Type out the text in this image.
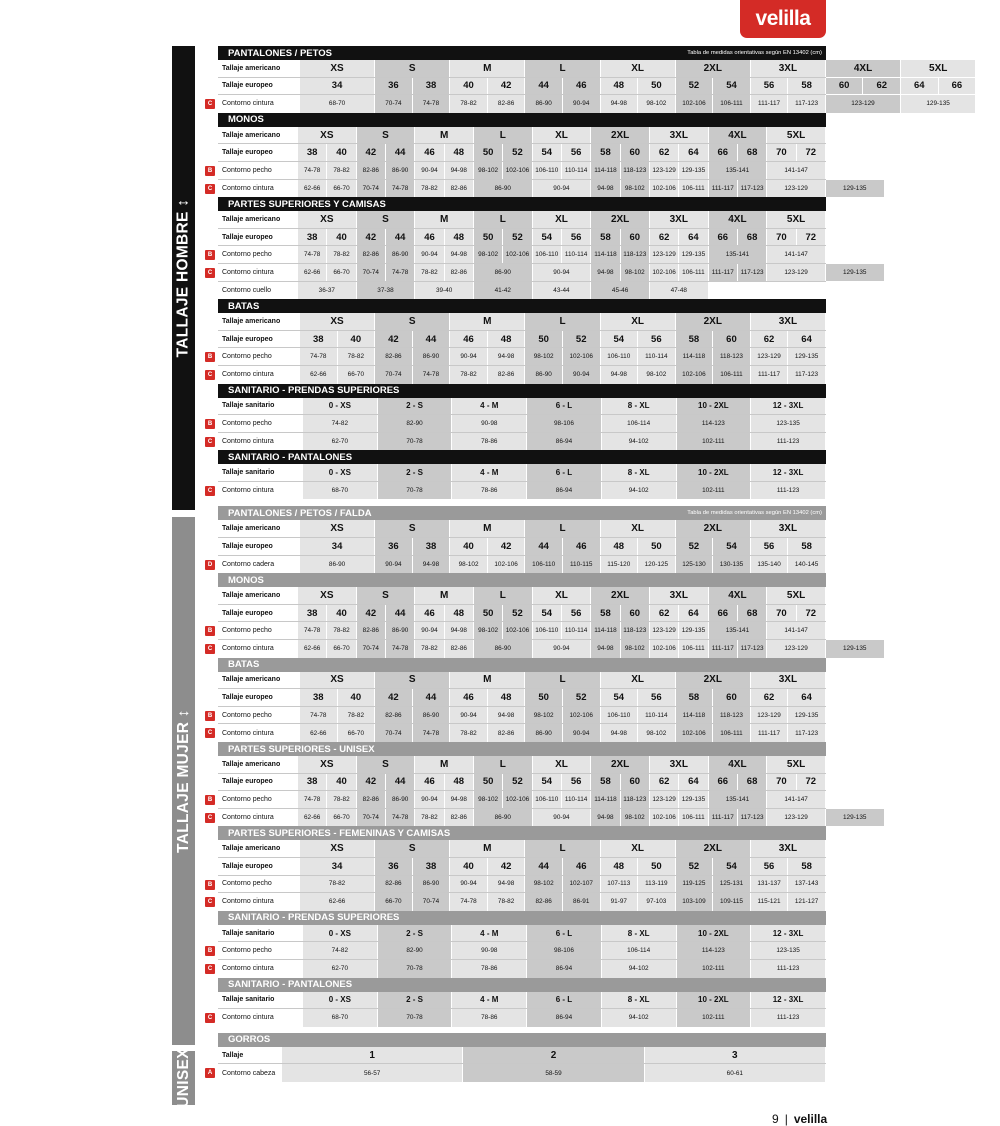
velilla
TALLAJE HOMBRE ↕
TALLAJE MUJER ↕
UNISEX
PANTALONES / PETOS	Tabla de medidas orientativas según EN 13402 (cm)
Tallaje americano	XS	S	M	L	XL	2XL	3XL	4XL	5XL
Tallaje europeo	34	36	38	40	42	44	46	48	50	52	54	56	58	60	62	64	66
C	Contorno cintura	68-70	70-74	74-78	78-82	82-86	86-90	90-94	94-98	98-102	102-106	106-111	111-117	117-123	123-129	129-135
MONOS
Tallaje americano	XS	S	M	L	XL	2XL	3XL	4XL	5XL
Tallaje europeo	38	40	42	44	46	48	50	52	54	56	58	60	62	64	66	68	70	72
B	Contorno pecho	74-78	78-82	82-86	86-90	90-94	94-98	98-102	102-106 106-110	110-114	114-118	118-123 123-129 129-135	135-141	141-147
C	Contorno cintura	62-66	66-70	70-74	74-78	78-82	82-86	86-90	90-94	94-98	98-102	102-106 106-111	111-117	117-123	123-129	129-135
PARTES SUPERIORES Y CAMISAS
Tallaje americano	XS	S	M	L	XL	2XL	3XL	4XL	5XL
Tallaje europeo	38	40	42	44	46	48	50	52	54	56	58	60	62	64	66	68	70	72
B	Contorno pecho	74-78	78-82	82-86	86-90	90-94	94-98	98-102	102-106 106-110	110-114	114-118	118-123 123-129 129-135	135-141	141-147
C	Contorno cintura	62-66	66-70	70-74	74-78	78-82	82-86	86-90	90-94	94-98	98-102	102-106 106-111	111-117	117-123	123-129	129-135
Contorno cuello	36-37	37-38	39-40	41-42	43-44	45-46	47-48
BATAS
Tallaje americano	XS	S	M	L	XL	2XL	3XL
Tallaje europeo	38	40	42	44	46	48	50	52	54	56	58	60	62	64
B	Contorno pecho	74-78	78-82	82-86	86-90	90-94	94-98	98-102	102-106	106-110	110-114	114-118	118-123	123-129	129-135
C	Contorno cintura	62-66	66-70	70-74	74-78	78-82	82-86	86-90	90-94	94-98	98-102	102-106	106-111	111-117	117-123
SANITARIO - PRENDAS SUPERIORES
Tallaje sanitario	0 - XS	2 - S	4 - M	6 - L	8 - XL	10 - 2XL	12 - 3XL
B	Contorno pecho	74-82	82-90	90-98	98-106	106-114	114-123	123-135
C	Contorno cintura	62-70	70-78	78-86	86-94	94-102	102-111	111-123
SANITARIO - PANTALONES
Tallaje sanitario	0 - XS	2 - S	4 - M	6 - L	8 - XL	10 - 2XL	12 - 3XL
C	Contorno cintura	68-70	70-78	78-86	86-94	94-102	102-111	111-123
PANTALONES / PETOS / FALDA	Tabla de medidas orientativas según EN 13402 (cm)
Tallaje americano	XS	S	M	L	XL	2XL	3XL
Tallaje europeo	34	36	38	40	42	44	46	48	50	52	54	56	58
D	Contorno cadera	86-90	90-94	94-98	98-102	102-106	106-110	110-115	115-120	120-125	125-130	130-135	135-140	140-145
MONOS
Tallaje americano	XS	S	M	L	XL	2XL	3XL	4XL	5XL
Tallaje europeo	38	40	42	44	46	48	50	52	54	56	58	60	62	64	66	68	70	72
B	Contorno pecho	74-78	78-82	82-86	86-90	90-94	94-98	98-102	102-106 106-110	110-114	114-118	118-123 123-129 129-135	135-141	141-147
C	Contorno cintura	62-66	66-70	70-74	74-78	78-82	82-86	86-90	90-94	94-98	98-102	102-106 106-111	111-117	117-123	123-129	129-135
BATAS
Tallaje americano	XS	S	M	L	XL	2XL	3XL
Tallaje europeo	38	40	42	44	46	48	50	52	54	56	58	60	62	64
B	Contorno pecho	74-78	78-82	82-86	86-90	90-94	94-98	98-102	102-106	106-110	110-114	114-118	118-123	123-129	129-135
C	Contorno cintura	62-66	66-70	70-74	74-78	78-82	82-86	86-90	90-94	94-98	98-102	102-106	106-111	111-117	117-123
PARTES SUPERIORES - UNISEX
Tallaje americano	XS	S	M	L	XL	2XL	3XL	4XL	5XL
Tallaje europeo	38	40	42	44	46	48	50	52	54	56	58	60	62	64	66	68	70	72
B	Contorno pecho	74-78	78-82	82-86	86-90	90-94	94-98	98-102	102-106 106-110	110-114	114-118	118-123 123-129 129-135	135-141	141-147
C	Contorno cintura	62-66	66-70	70-74	74-78	78-82	82-86	86-90	90-94	94-98	98-102	102-106 106-111	111-117	117-123	123-129	129-135
PARTES SUPERIORES - FEMENINAS Y CAMISAS
Tallaje americano	XS	S	M	L	XL	2XL	3XL
Tallaje europeo	34	36	38	40	42	44	46	48	50	52	54	56	58
B	Contorno pecho	78-82	82-86	86-90	90-94	94-98	98-102	102-107	107-113	113-119	119-125	125-131	131-137	137-143
C	Contorno cintura	62-66	66-70	70-74	74-78	78-82	82-86	86-91	91-97	97-103	103-109	109-115	115-121	121-127
SANITARIO - PRENDAS SUPERIORES
Tallaje sanitario	0 - XS	2 - S	4 - M	6 - L	8 - XL	10 - 2XL	12 - 3XL
B	Contorno pecho	74-82	82-90	90-98	98-106	106-114	114-123	123-135
C	Contorno cintura	62-70	70-78	78-86	86-94	94-102	102-111	111-123
SANITARIO - PANTALONES
Tallaje sanitario	0 - XS	2 - S	4 - M	6 - L	8 - XL	10 - 2XL	12 - 3XL
C	Contorno cintura	68-70	70-78	78-86	86-94	94-102	102-111	111-123
GORROS
Tallaje	1	2	3
A	Contorno cabeza	56-57	58-59	60-61
9 | velilla
